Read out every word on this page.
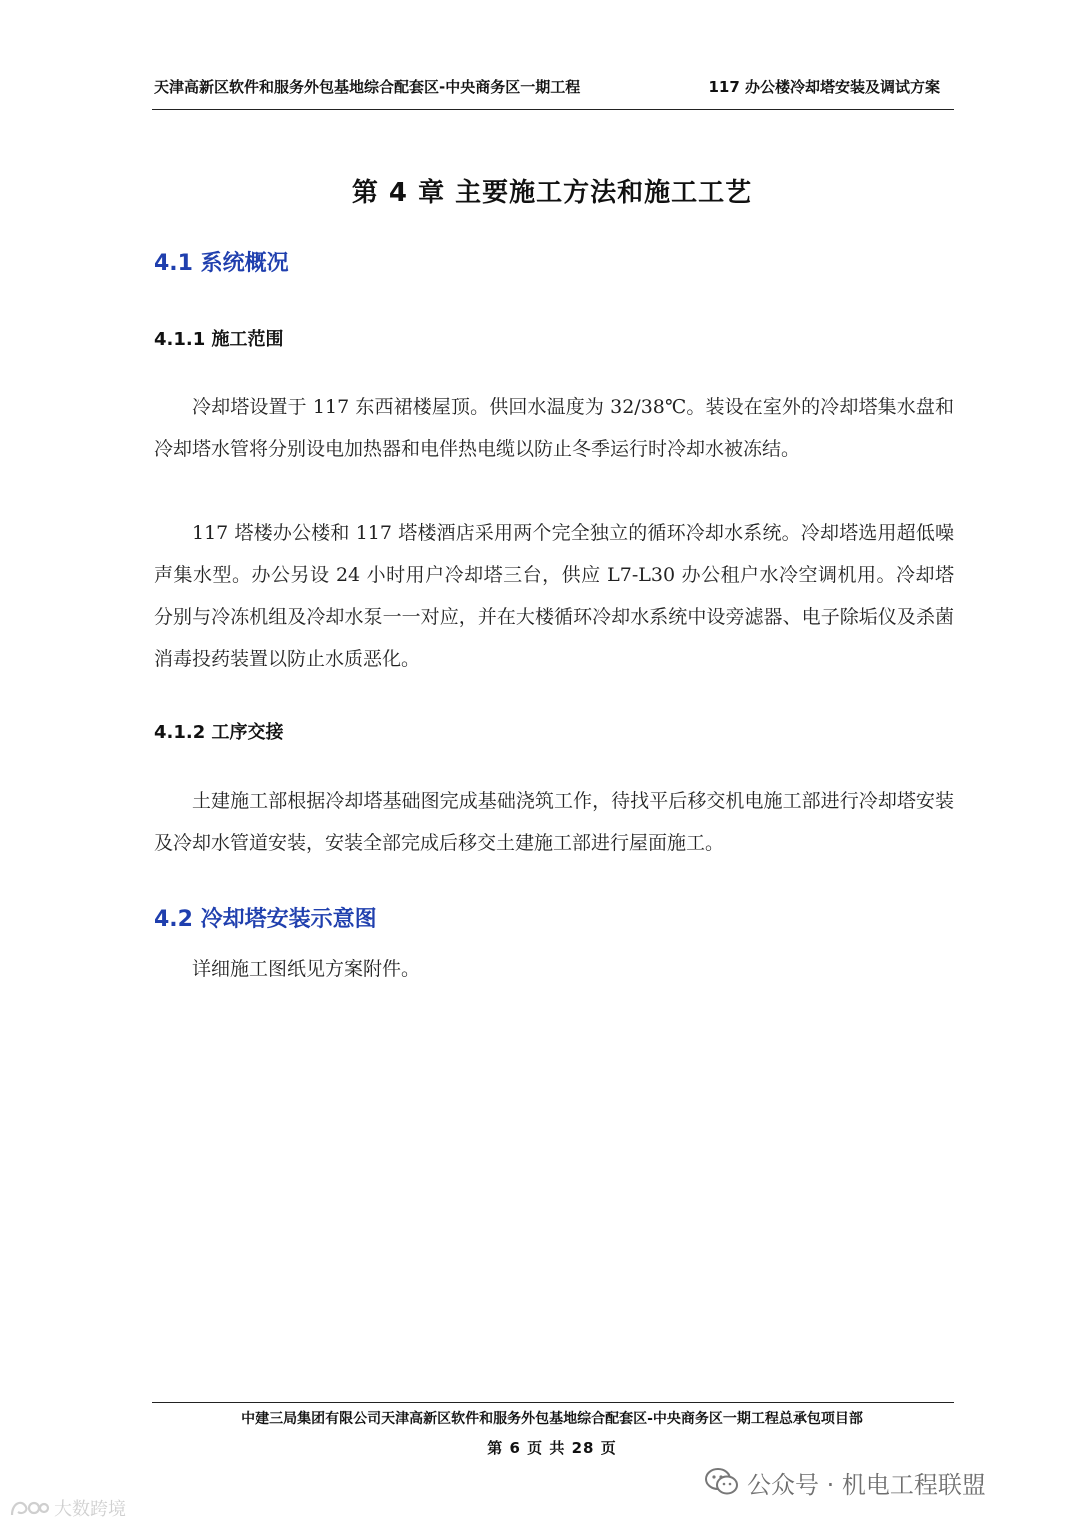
天津高新区软件和服务外包基地综合配套区-中央商务区一期工程	117 办公楼冷却塔安装及调试方案
第 4 章 主要施工方法和施工工艺
4.1 系统概况
4.1.1 施工范围

冷却塔设置于 117 东西裙楼屋顶。供回水温度为 32/38℃。装设在室外的冷却塔集水盘和冷却塔水管将分别设电加热器和电伴热电缆以防止冬季运行时冷却水被冻结。

117 塔楼办公楼和 117 塔楼酒店采用两个完全独立的循环冷却水系统。冷却塔选用超低噪声集水型。办公另设 24 小时用户冷却塔三台，供应 L7-L30 办公租户水冷空调机用。冷却塔分别与冷冻机组及冷却水泵一一对应，并在大楼循环冷却水系统中设旁滤器、电子除垢仪及杀菌消毒投药装置以防止水质恶化。

4.1.2 工序交接

土建施工部根据冷却塔基础图完成基础浇筑工作，待找平后移交机电施工部进行冷却塔安装及冷却水管道安装，安装全部完成后移交土建施工部进行屋面施工。

4.2 冷却塔安装示意图

详细施工图纸见方案附件。

中建三局集团有限公司天津高新区软件和服务外包基地综合配套区-中央商务区一期工程总承包项目部
第 6 页 共 28 页
公众号 · 机电工程联盟
大数跨境
